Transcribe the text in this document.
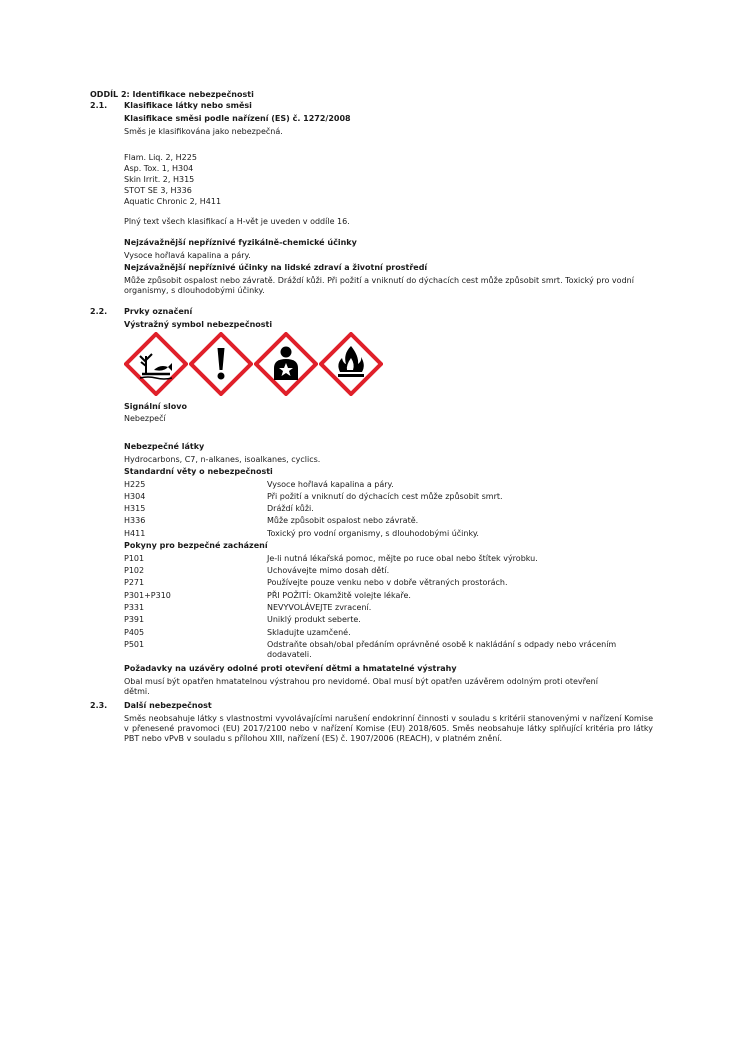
ODDÍL 2: Identifikace nebezpečnosti
2.1. Klasifikace látky nebo směsi
Klasifikace směsi podle nařízení (ES) č. 1272/2008
Směs je klasifikována jako nebezpečná.
Flam. Liq. 2, H225
Asp. Tox. 1, H304
Skin Irrit. 2, H315
STOT SE 3, H336
Aquatic Chronic 2, H411
Plný text všech klasifikací a H-vět je uveden v oddíle 16.
Nejzávažnější nepříznivé fyzikálně-chemické účinky
Vysoce hořlavá kapalina a páry.
Nejzávažnější nepříznivé účinky na lidské zdraví a životní prostředí
Může způsobit ospalost nebo závratě. Dráždí kůži. Při požití a vniknutí do dýchacích cest může způsobit smrt. Toxický pro vodní organismy, s dlouhodobými účinky.
2.2. Prvky označení
Výstražný symbol nebezpečnosti
Signální slovo
Nebezpečí
Nebezpečné látky
Hydrocarbons, C7, n-alkanes, isoalkanes, cyclics.
Standardní věty o nebezpečnosti
H225	Vysoce hořlavá kapalina a páry.
H304	Při požití a vniknutí do dýchacích cest může způsobit smrt.
H315	Dráždí kůži.
H336	Může způsobit ospalost nebo závratě.
H411	Toxický pro vodní organismy, s dlouhodobými účinky.
Pokyny pro bezpečné zacházení
P101	Je-li nutná lékařská pomoc, mějte po ruce obal nebo štítek výrobku.
P102	Uchovávejte mimo dosah dětí.
P271	Používejte pouze venku nebo v dobře větraných prostorách.
P301+P310	PŘI POŽITÍ: Okamžitě volejte lékaře.
P331	NEVYVOLÁVEJTE zvracení.
P391	Uniklý produkt seberte.
P405	Skladujte uzamčené.
P501	Odstraňte obsah/obal předáním oprávněné osobě k nakládání s odpady nebo vrácením dodavateli.
Požadavky na uzávěry odolné proti otevření dětmi a hmatatelné výstrahy
Obal musí být opatřen hmatatelnou výstrahou pro nevidomé. Obal musí být opatřen uzávěrem odolným proti otevření dětmi.
2.3. Další nebezpečnost
Směs neobsahuje látky s vlastnostmi vyvolávajícími narušení endokrinní činnosti v souladu s kritérii stanovenými v nařízení Komise v přenesené pravomoci (EU) 2017/2100 nebo v nařízení Komise (EU) 2018/605. Směs neobsahuje látky splňující kritéria pro látky PBT nebo vPvB v souladu s přílohou XIII, nařízení (ES) č. 1907/2006 (REACH), v platném znění.
